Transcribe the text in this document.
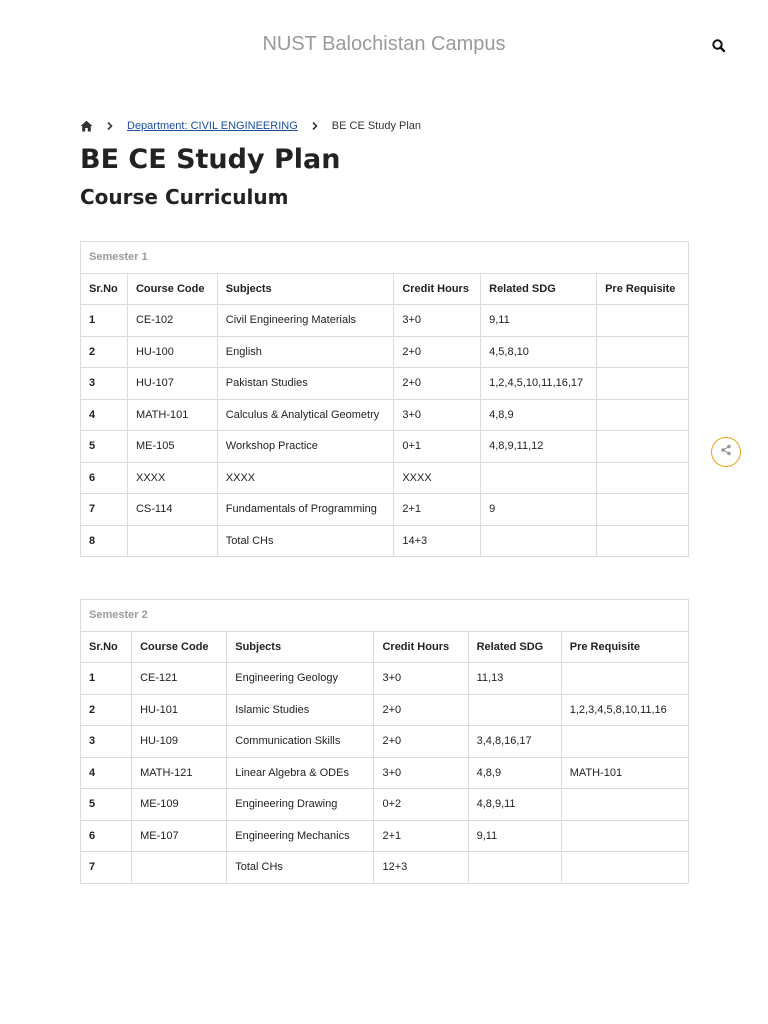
NUST Balochistan Campus
Department: CIVIL ENGINEERING	BE CE Study Plan
BE CE Study Plan
Course Curriculum
Semester 1					
Sr.No	Course Code	Subjects	Credit Hours	Related SDG	Pre Requisite
1	CE-102	Civil Engineering Materials	3+0	9,11	
2	HU-100	English	2+0	4,5,8,10	
3	HU-107	Pakistan Studies	2+0	1,2,4,5,10,11,16,17	
4	MATH-101	Calculus & Analytical Geometry	3+0	4,8,9	
5	ME-105	Workshop Practice	0+1	4,8,9,11,12	
6	XXXX	XXXX	XXXX		
7	CS-114	Fundamentals of Programming	2+1	9	
8		Total CHs	14+3		
Semester 2					
Sr.No	Course Code	Subjects	Credit Hours	Related SDG	Pre Requisite
1	CE-121	Engineering Geology	3+0	11,13	
2	HU-101	Islamic Studies	2+0		1,2,3,4,5,8,10,11,16
3	HU-109	Communication Skills	2+0	3,4,8,16,17	
4	MATH-121	Linear Algebra & ODEs	3+0	4,8,9	MATH-101
5	ME-109	Engineering Drawing	0+2	4,8,9,11	
6	ME-107	Engineering Mechanics	2+1	9,11	
7		Total CHs	12+3		
